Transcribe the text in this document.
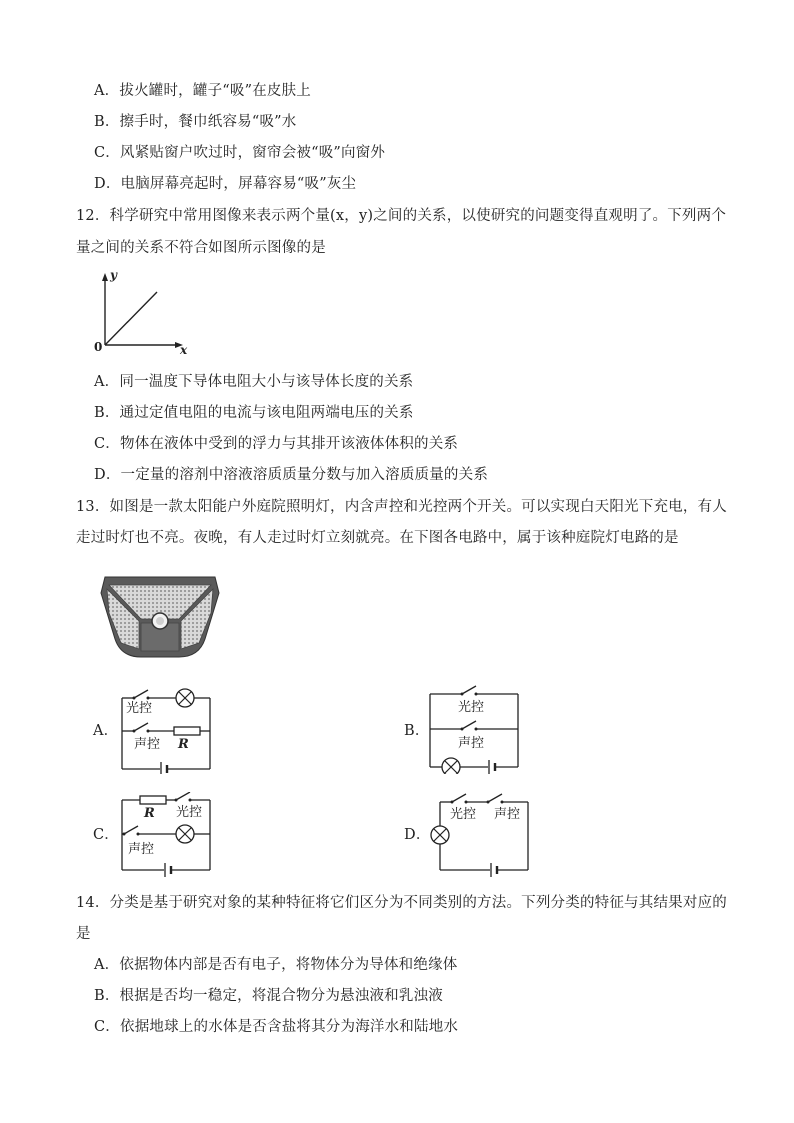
A．拔火罐时，罐子“吸”在皮肤上
B．擦手时，餐巾纸容易“吸”水
C．风紧贴窗户吹过时，窗帘会被“吸”向窗外
D．电脑屏幕亮起时，屏幕容易“吸”灰尘
12．科学研究中常用图像来表示两个量(x，y)之间的关系，以使研究的问题变得直观明了。下列两个
量之间的关系不符合如图所示图像的是
y
0	x
A．同一温度下导体电阻大小与该导体长度的关系
B．通过定值电阻的电流与该电阻两端电压的关系
C．物体在液体中受到的浮力与其排开该液体体积的关系
D．一定量的溶剂中溶液溶质质量分数与加入溶质质量的关系
13．如图是一款太阳能户外庭院照明灯，内含声控和光控两个开关。可以实现白天阳光下充电，有人
走过时灯也不亮。夜晚，有人走过时灯立刻就亮。在下图各电路中，属于该种庭院灯电路的是
A．
光控
声控 R
B．
光控
声控
C．
R 光控
声控
D．
光控 声控
14．分类是基于研究对象的某种特征将它们区分为不同类别的方法。下列分类的特征与其结果对应的
是
A．依据物体内部是否有电子，将物体分为导体和绝缘体
B．根据是否均一稳定，将混合物分为悬浊液和乳浊液
C．依据地球上的水体是否含盐将其分为海洋水和陆地水
